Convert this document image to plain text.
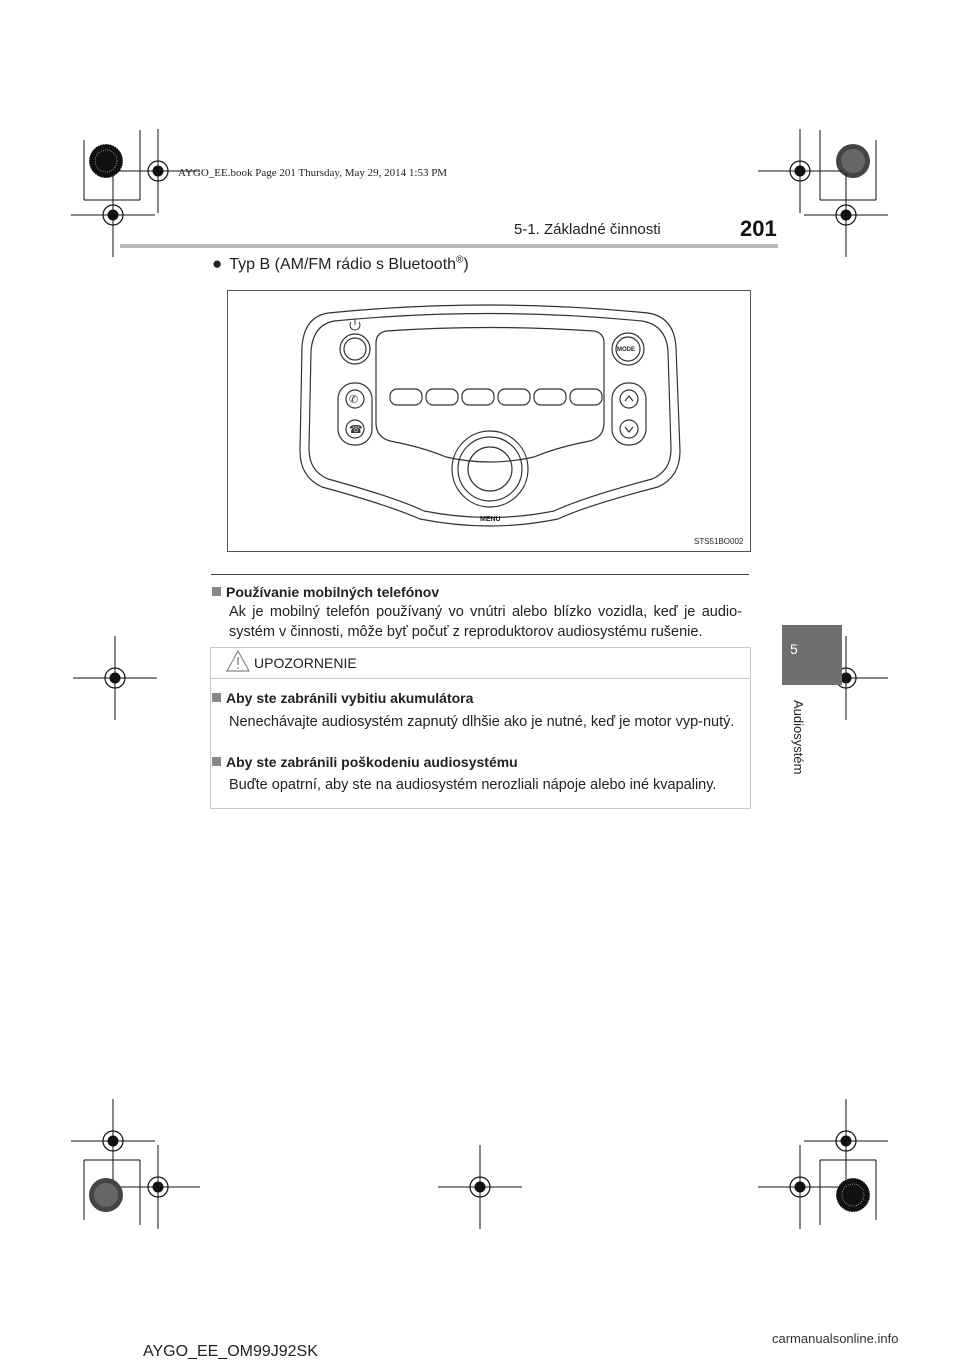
AYGO_EE.book Page 201 Thursday, May 29, 2014 1:53 PM
5-1. Základné činnosti	201
5
Audiosystém
● Typ B (AM/FM rádio s Bluetooth®)
✆
☎
MODE
MENU
STS51BO002
Používanie mobilných telefónov
Ak je mobilný telefón používaný vo vnútri alebo blízko vozidla, keď je audio-systém v činnosti, môže byť počuť z reproduktorov audiosystému rušenie.
UPOZORNENIE
Aby ste zabránili vybitiu akumulátora
Nenechávajte audiosystém zapnutý dlhšie ako je nutné, keď je motor vyp-nutý.
Aby ste zabránili poškodeniu audiosystému
Buďte opatrní, aby ste na audiosystém nerozliali nápoje alebo iné kvapaliny.
AYGO_EE_OM99J92SK
carmanualsonline.info
